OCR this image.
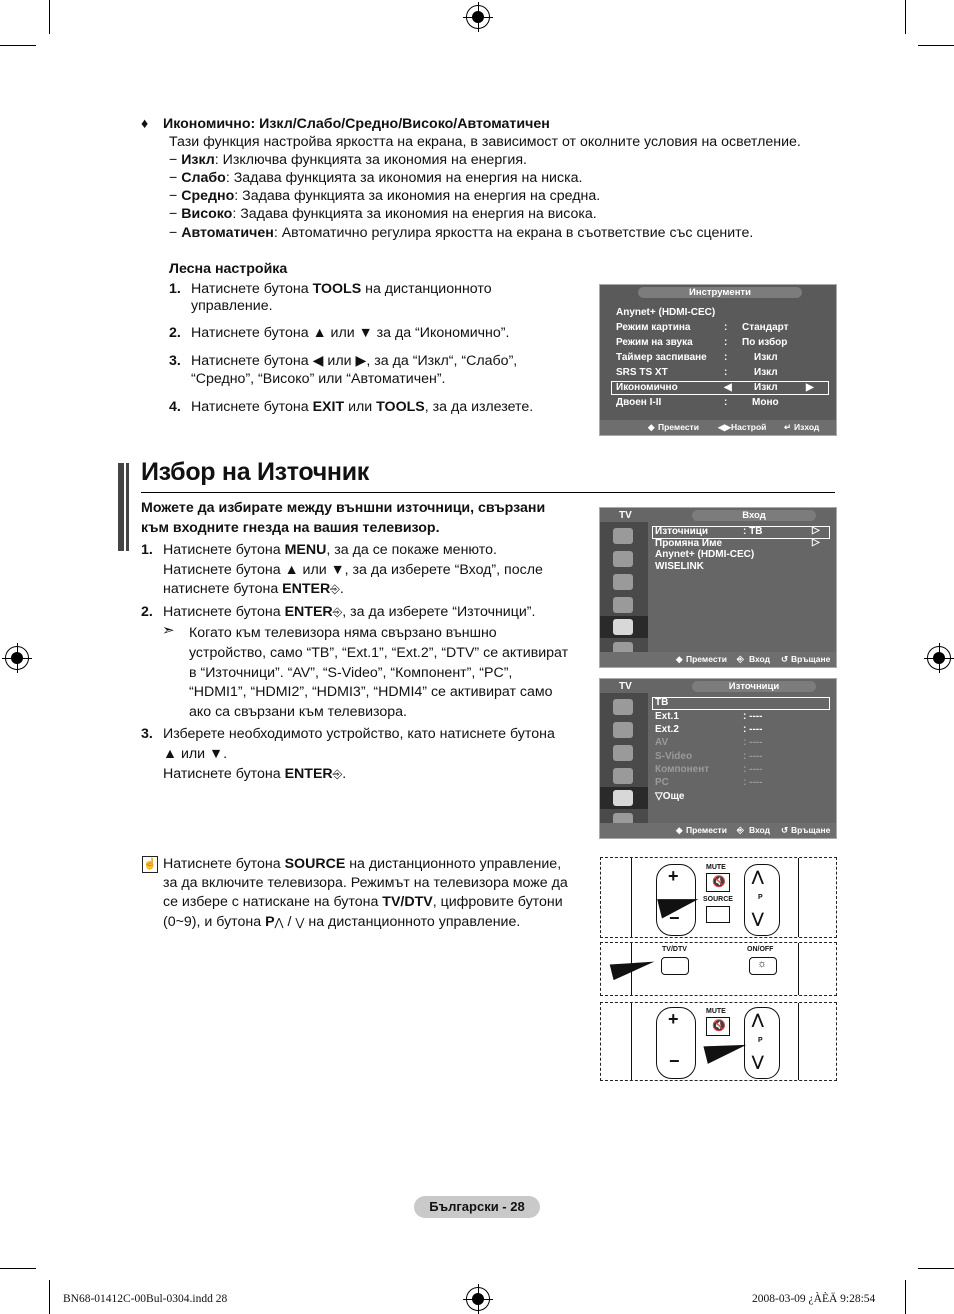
♦ Икономично: Изкл/Слабо/Средно/Високо/Автоматичен
Тази функция настройва яркостта на екрана, в зависимост от околните условия на осветление.
− Изкл: Изключва функцията за икономия на енергия.
− Слабо: Задава функцията за икономия на енергия на ниска.
− Средно: Задава функцията за икономия на енергия на средна.
− Високо: Задава функцията за икономия на енергия на висока.
− Автоматичен: Автоматично регулира яркостта на екрана в съответствие със сцените.
Лесна настройка
1. Натиснете бутона TOOLS на дистанционното
управление.
2. Натиснете бутона ▲ или ▼ за да “Икономично”.
3. Натиснете бутона ◀ или ▶, за да “Изкл“, “Слабо”,
“Средно”, “Високо” или “Автоматичен”.
4. Натиснете бутона EXIT или TOOLS, за да излезете.
Инструменти
Anynet+ (HDMI-CEC)
Режим картина	: Стандарт
Режим на звука	: По избор
Таймер заспиване :	Изкл
SRS TS XT	:	Изкл
Икономично	◀ Изкл	▶
Двоен I-II	: Моно
◆ Премести ◀▶ Настрой ↵ Изход
Избор на Източник
Можете да избирате между външни източници, свързани
към входните гнезда на вашия телевизор.
1. Натиснете бутона MENU, за да се покаже менюто.
Натиснете бутона ▲ или ▼, за да изберете “Вход”, после
натиснете бутона ENTER⎆.
2. Натиснете бутона ENTER⎆, за да изберете “Източници”.
➣ Когато към телевизора няма свързано външно
устройство, само “ТВ”, “Ext.1”, “Ext.2”, “DTV” се активират
в “Източници”. “AV”, “S-Video”, “Компонент”, “PC”,
“HDMI1”, “HDMI2”, “HDMI3”, “HDMI4” се активират само
ако са свързани към телевизора.
3. Изберете необходимото устройство, като натиснете бутона
▲ или ▼.
Натиснете бутона ENTER⎆.
TV	Вход
Източници	: ТВ	▷
Промяна Име	▷
Anynet+ (HDMI-CEC)
WISELINK
◆ Премести ⎆ Вход ↺ Връщане
TV	Източници
ТВ
Ext.1	: ----
Ext.2	: ----
AV	: ----
S-Video	: ----
Компонент	: ----
PC	: ----
▽Още
◆ Премести ⎆ Вход ↺ Връщане
☝ Натиснете бутона SOURCE на дистанционното управление,
за да включите телевизора. Режимът на телевизора може да
се избере с натискане на бутона TV/DTV, цифровите бутони
(0~9), и бутона P⋀ / ⋁ на дистанционното управление.
+
−
MUTE
🔇
SOURCE	P
⋀
⋁
TV/DTV	ON/OFF
☼
+
−
MUTE
🔇
P
⋀
⋁
Български - 28
BN68-01412C-00Bul-0304.indd 28	2008-03-09 ¿ÀÈÄ 9:28:54
